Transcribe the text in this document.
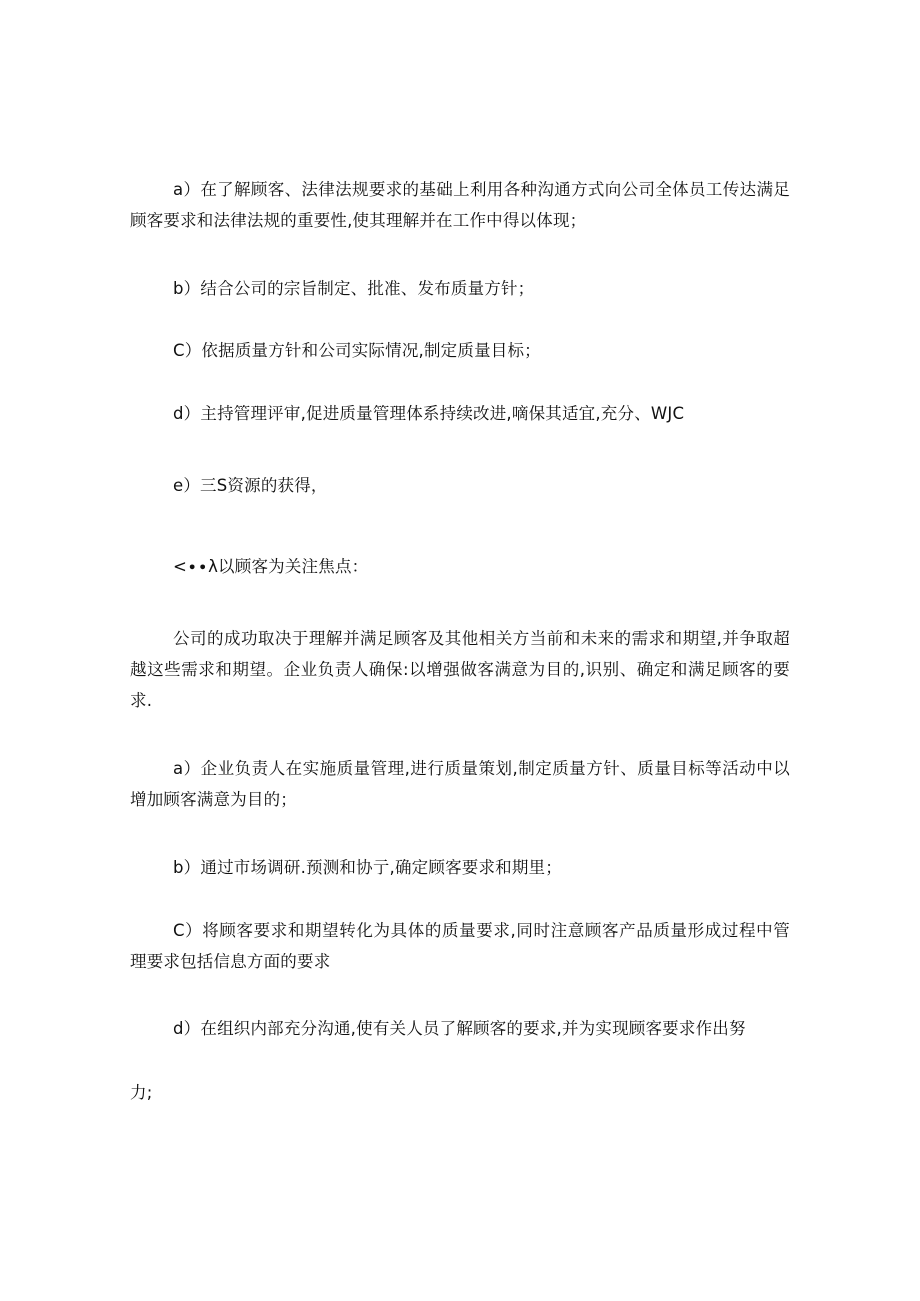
a）在了解顾客、法律法规要求的基础上利用各种沟通方式向公司全体员工传达满足顾客要求和法律法规的重要性,使其理解并在工作中得以体现；

b）结合公司的宗旨制定、批准、发布质量方针；

C）依据质量方针和公司实际情况,制定质量目标；

d）主持管理评审,促进质量管理体系持续改进,嘀保其适宜,充分、WJC

e）三S资源的获得，

<∙∙λ以顾客为关注焦点：

公司的成功取决于理解并满足顾客及其他相关方当前和未来的需求和期望,并争取超越这些需求和期望。企业负责人确保:以增强做客满意为目的,识别、确定和满足顾客的要求.

a）企业负责人在实施质量管理,进行质量策划,制定质量方针、质量目标等活动中以增加顾客满意为目的；

b）通过市场调研.预测和协亍,确定顾客要求和期里；

C）将顾客要求和期望转化为具体的质量要求,同时注意顾客产品质量形成过程中管理要求包括信息方面的要求

d）在组织内部充分沟通,使有关人员了解顾客的要求,并为实现顾客要求作出努

力;
